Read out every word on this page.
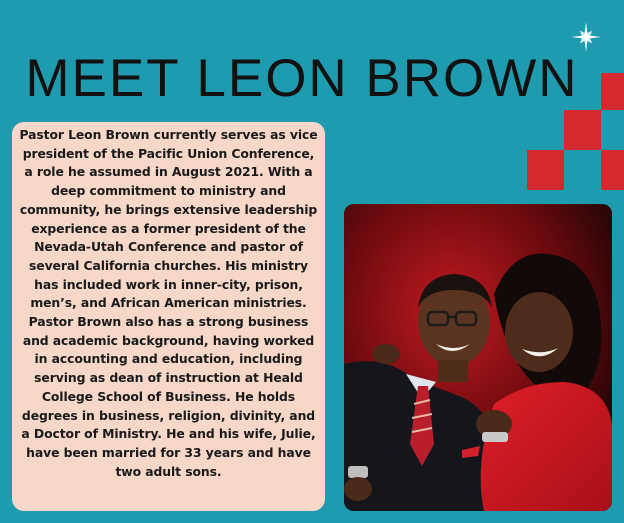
MEET LEON BROWN

Pastor Leon Brown currently serves as vice president of the Pacific Union Conference, a role he assumed in August 2021. With a deep commitment to ministry and community, he brings extensive leadership experience as a former president of the Nevada-Utah Conference and pastor of several California churches. His ministry has included work in inner-city, prison, men’s, and African American ministries. Pastor Brown also has a strong business and academic background, having worked in accounting and education, including serving as dean of instruction at Heald College School of Business. He holds degrees in business, religion, divinity, and a Doctor of Ministry. He and his wife, Julie, have been married for 33 years and have two adult sons.
